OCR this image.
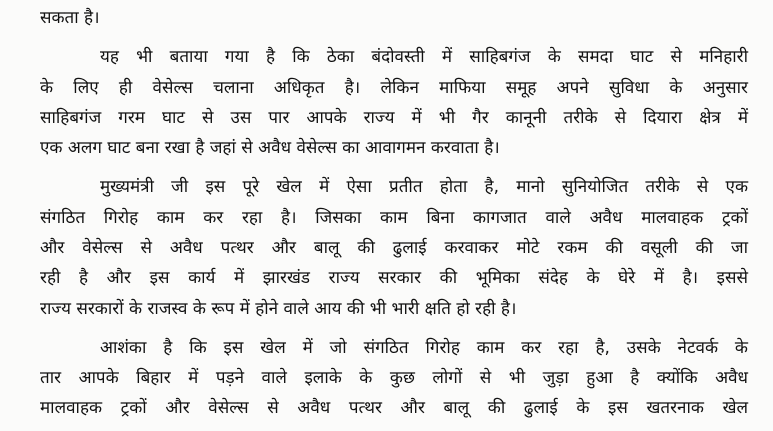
सकता है।
यह भी बताया गया है कि ठेका बंदोवस्ती में साहिबगंज के समदा घाट से मनिहारी
के लिए ही वेसेल्स चलाना अधिकृत है। लेकिन माफिया समूह अपने सुविधा के अनुसार
साहिबगंज गरम घाट से उस पार आपके राज्य में भी गैर कानूनी तरीके से दियारा क्षेत्र में
एक अलग घाट बना रखा है जहां से अवैध वेसेल्स का आवागमन करवाता है।
मुख्यमंत्री जी इस पूरे खेल में ऐसा प्रतीत होता है, मानो सुनियोजित तरीके से एक
संगठित गिरोह काम कर रहा है। जिसका काम बिना कागजात वाले अवैध मालवाहक ट्रकों
और वेसेल्स से अवैध पत्थर और बालू की ढुलाई करवाकर मोटे रकम की वसूली की जा
रही है और इस कार्य में झारखंड राज्य सरकार की भूमिका संदेह के घेरे में है। इससे
राज्य सरकारों के राजस्व के रूप में होने वाले आय की भी भारी क्षति हो रही है।
आशंका है कि इस खेल में जो संगठित गिरोह काम कर रहा है, उसके नेटवर्क के
तार आपके बिहार में पड़ने वाले इलाके के कुछ लोगों से भी जुड़ा हुआ है क्योंकि अवैध
मालवाहक ट्रकों और वेसेल्स से अवैध पत्थर और बालू की ढुलाई के इस खतरनाक खेल
